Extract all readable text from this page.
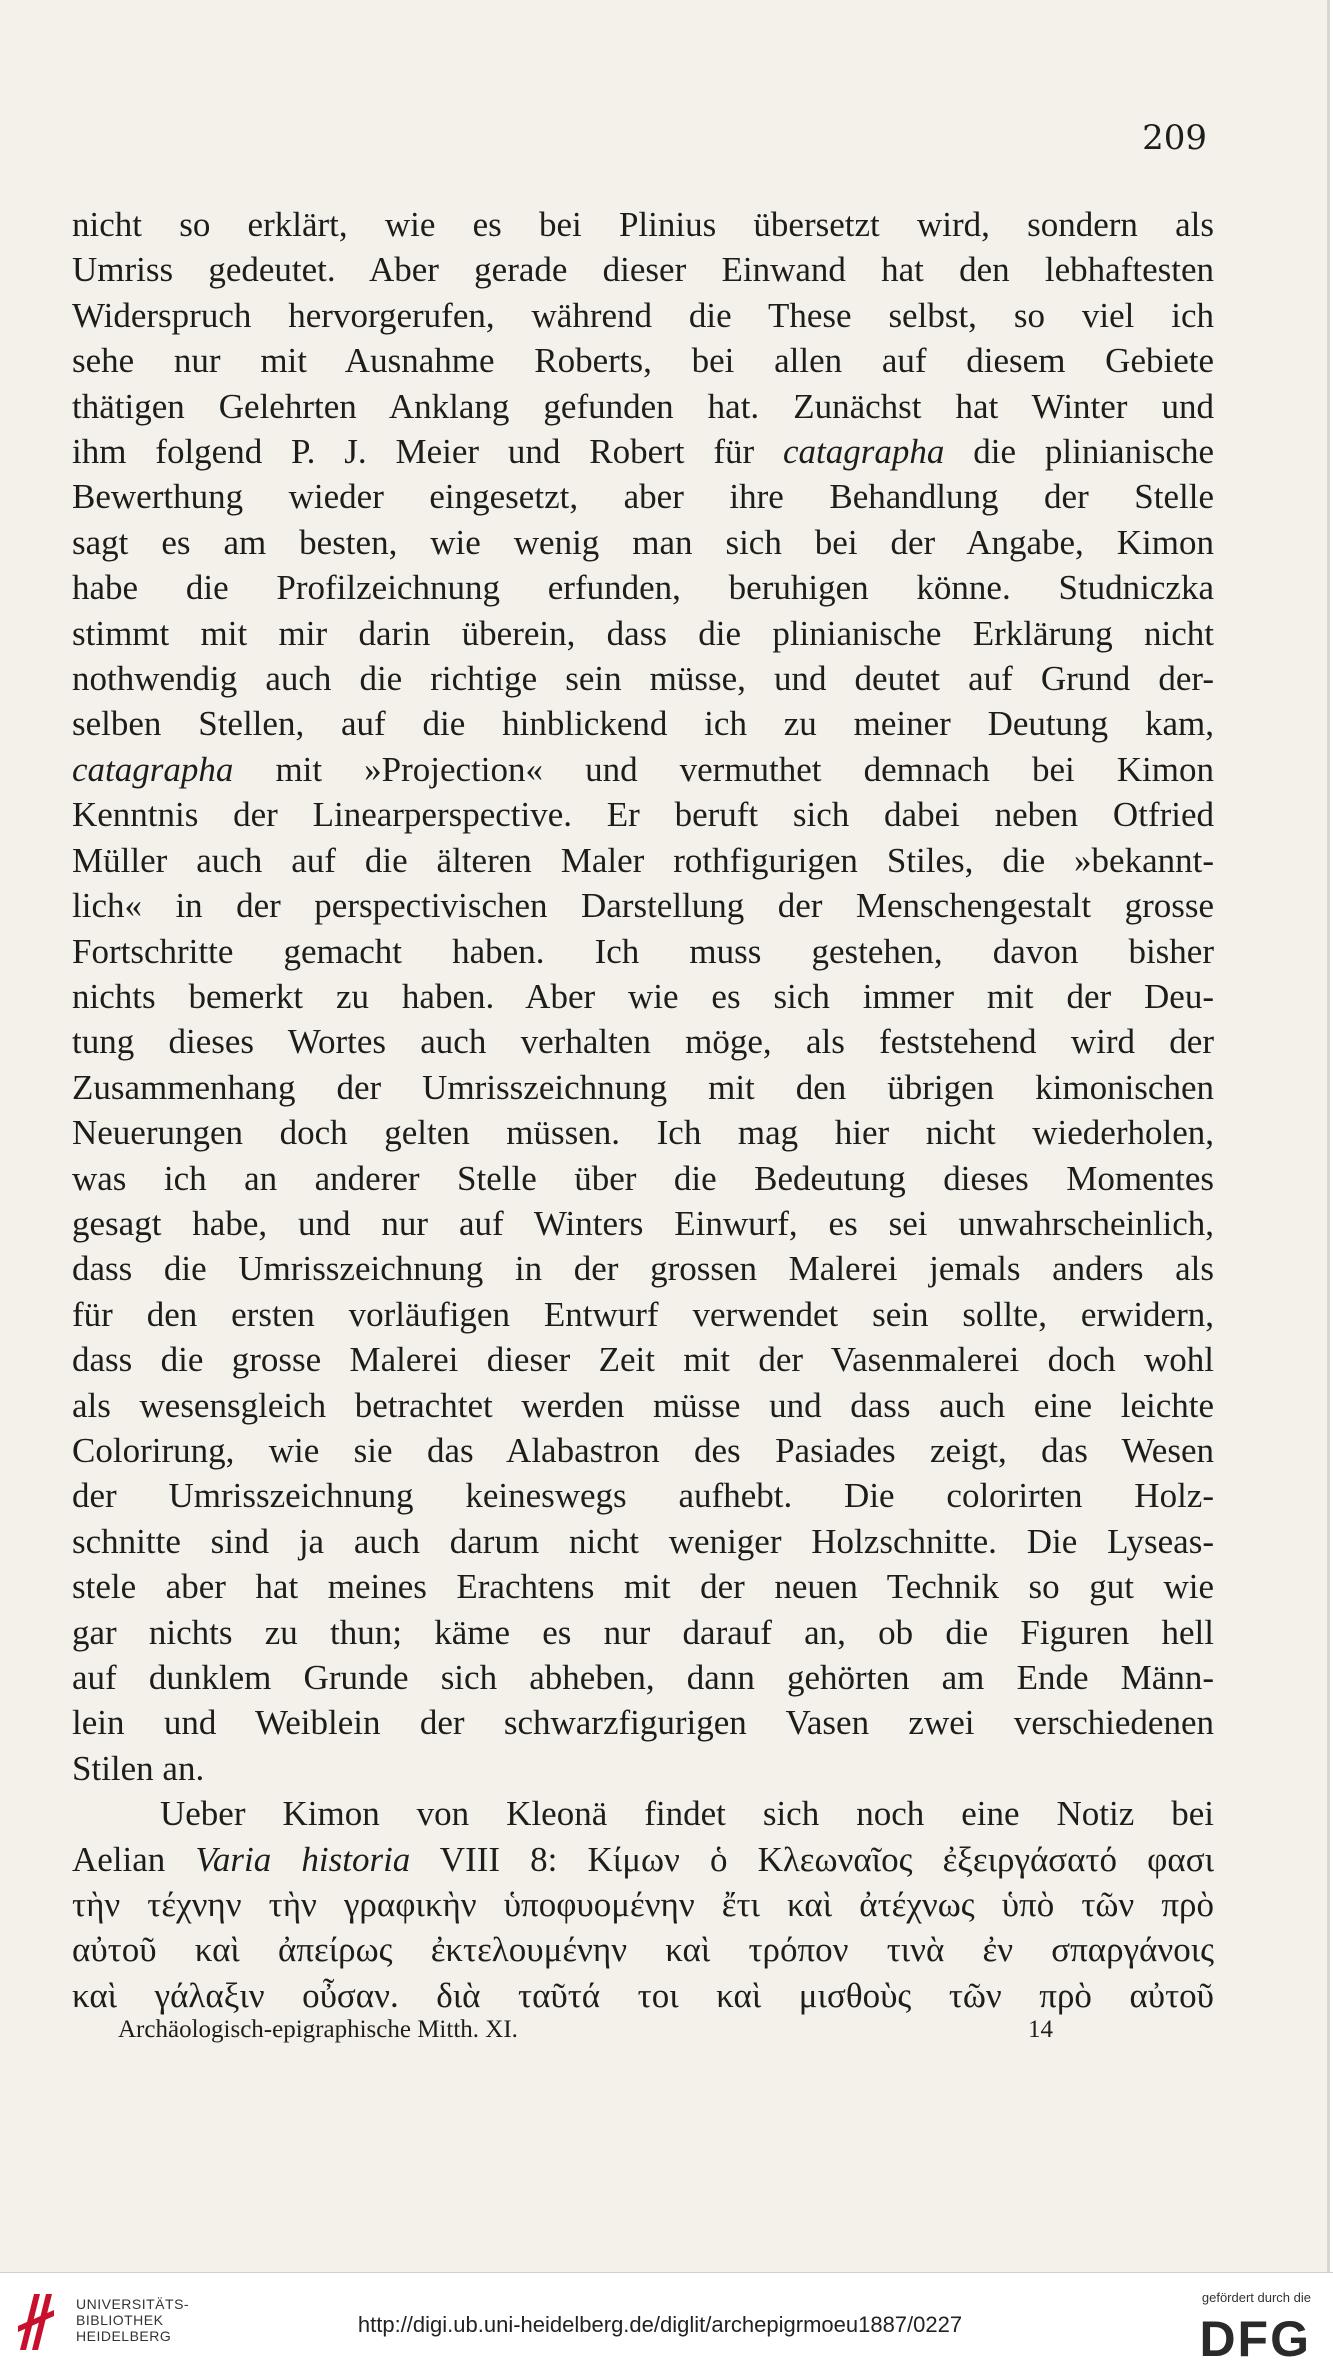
209

nicht so erklärt, wie es bei Plinius übersetzt wird, sondern als

Umriss gedeutet. Aber gerade dieser Einwand hat den lebhaftesten

Widerspruch hervorgerufen, während die These selbst, so viel ich

sehe nur mit Ausnahme Roberts, bei allen auf diesem Gebiete

thätigen Gelehrten Anklang gefunden hat. Zunächst hat Winter und

ihm folgend P. J. Meier und Robert für catagrapha die plinianische

Bewerthung wieder eingesetzt, aber ihre Behandlung der Stelle

sagt es am besten, wie wenig man sich bei der Angabe, Kimon

habe die Profilzeichnung erfunden, beruhigen könne. Studniczka

stimmt mit mir darin überein, dass die plinianische Erklärung nicht

nothwendig auch die richtige sein müsse, und deutet auf Grund der-

selben Stellen, auf die hinblickend ich zu meiner Deutung kam,

catagrapha mit »Projection« und vermuthet demnach bei Kimon

Kenntnis der Linearperspective. Er beruft sich dabei neben Otfried

Müller auch auf die älteren Maler rothfigurigen Stiles, die »bekannt-

lich« in der perspectivischen Darstellung der Menschengestalt grosse

Fortschritte gemacht haben. Ich muss gestehen, davon bisher

nichts bemerkt zu haben. Aber wie es sich immer mit der Deu-

tung dieses Wortes auch verhalten möge, als feststehend wird der

Zusammenhang der Umrisszeichnung mit den übrigen kimonischen

Neuerungen doch gelten müssen. Ich mag hier nicht wiederholen,

was ich an anderer Stelle über die Bedeutung dieses Momentes

gesagt habe, und nur auf Winters Einwurf, es sei unwahrscheinlich,

dass die Umrisszeichnung in der grossen Malerei jemals anders als

für den ersten vorläufigen Entwurf verwendet sein sollte, erwidern,

dass die grosse Malerei dieser Zeit mit der Vasenmalerei doch wohl

als wesensgleich betrachtet werden müsse und dass auch eine leichte

Colorirung, wie sie das Alabastron des Pasiades zeigt, das Wesen

der Umrisszeichnung keineswegs aufhebt. Die colorirten Holz-

schnitte sind ja auch darum nicht weniger Holzschnitte. Die Lyseas-

stele aber hat meines Erachtens mit der neuen Technik so gut wie

gar nichts zu thun; käme es nur darauf an, ob die Figuren hell

auf dunklem Grunde sich abheben, dann gehörten am Ende Männ-

lein und Weiblein der schwarzfigurigen Vasen zwei verschiedenen

Stilen an.

Ueber Kimon von Kleonä findet sich noch eine Notiz bei

Aelian Varia historia VIII 8: Κίμων ὁ Κλεωναῖος ἐξειργάσατό φασι

τὴν τέχνην τὴν γραφικὴν ὑποφυομένην ἔτι καὶ ἀτέχνως ὑπὸ τῶν πρὸ

αὐτοῦ καὶ ἀπείρως ἐκτελουμένην καὶ τρόπον τινὰ ἐν σπαργάνοις

καὶ γάλαξιν οὖσαν. διὰ ταῦτά τοι καὶ μισθοὺς τῶν πρὸ αὐτοῦ

Archäologisch-epigraphische Mitth. XI.	14
UNIVERSITÄTS-
BIBLIOTHEK
HEIDELBERG	http://digi.ub.uni-heidelberg.de/diglit/archepigrmoeu1887/0227
gefördert durch die
DFG
